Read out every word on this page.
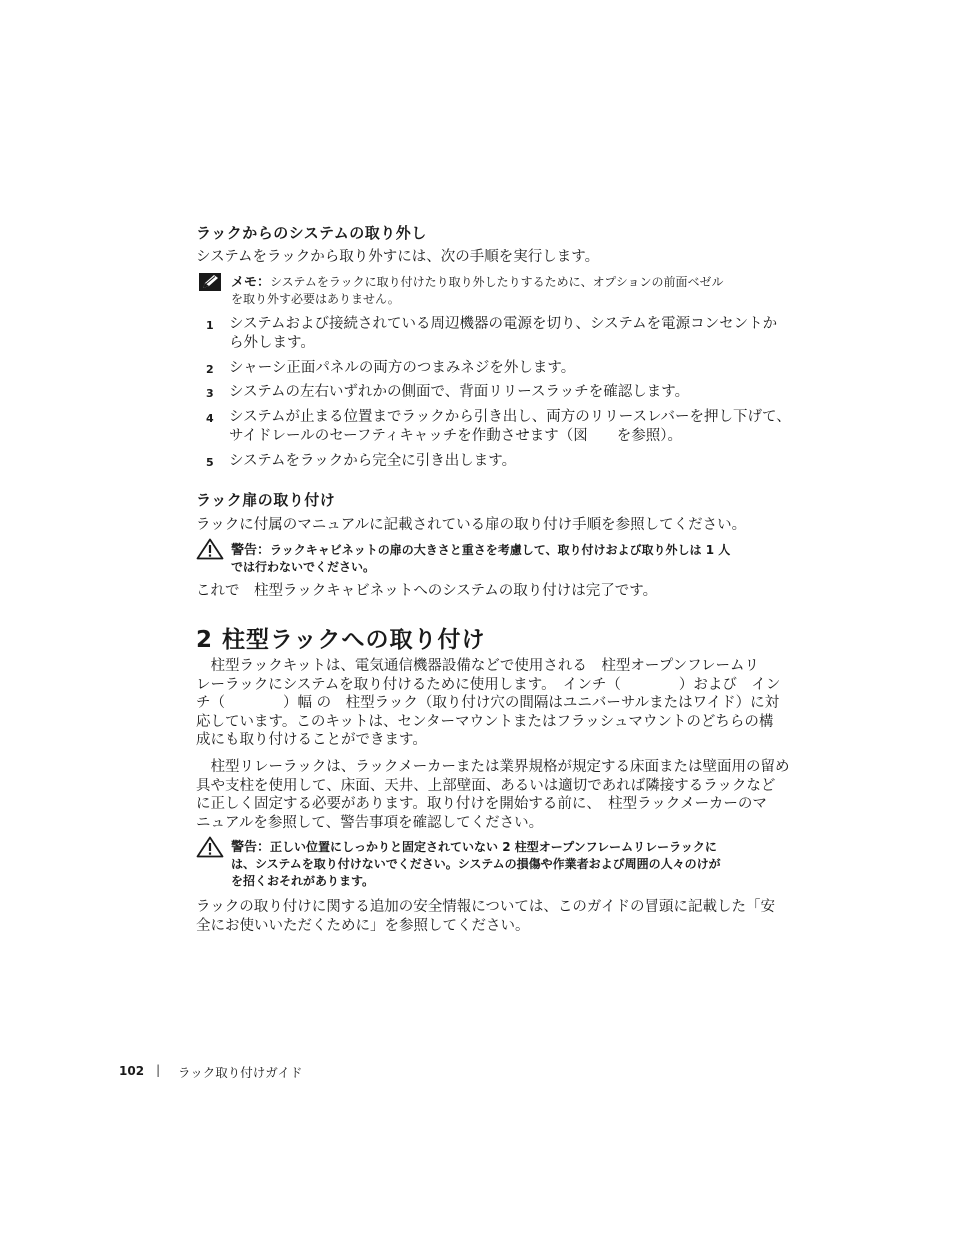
ラックからのシステムの取り外し
システムをラックから取り外すには、次の手順を実行します。
メモ：システムをラックに取り付けたり取り外したりするために、オプションの前面ベゼル
を取り外す必要はありません。
1	システムおよび接続されている周辺機器の電源を切り、システムを電源コンセントか
ら外します。
2	シャーシ正面パネルの両方のつまみネジを外します。
3	システムの左右いずれかの側面で、背面リリースラッチを確認します。
4	システムが止まる位置までラックから引き出し、両方のリリースレバーを押し下げて、
サイドレールのセーフティキャッチを作動させます（図　　を参照）。
5	システムをラックから完全に引き出します。
ラック扉の取り付け
ラックに付属のマニュアルに記載されている扉の取り付け手順を参照してください。
警告：ラックキャビネットの扉の大きさと重さを考慮して、取り付けおよび取り外しは 1 人
では行わないでください。
これで　柱型ラックキャビネットへのシステムの取り付けは完了です。
2 柱型ラックへの取り付け
　柱型ラックキットは、電気通信機器設備などで使用される　柱型オープンフレームリ
レーラックにシステムを取り付けるために使用します。　インチ（　　　　）および　イン
チ（　　　　）幅 の　柱型ラック（取り付け穴の間隔はユニバーサルまたはワイド）に対
応しています。このキットは、センターマウントまたはフラッシュマウントのどちらの構
成にも取り付けることができます。
　柱型リレーラックは、ラックメーカーまたは業界規格が規定する床面または壁面用の留め
具や支柱を使用して、床面、天井、上部壁面、あるいは適切であれば隣接するラックなど
に正しく固定する必要があります。取り付けを開始する前に、　柱型ラックメーカーのマ
ニュアルを参照して、警告事項を確認してください。
警告：正しい位置にしっかりと固定されていない 2 柱型オープンフレームリレーラックに
は、システムを取り付けないでください。システムの損傷や作業者および周囲の人々のけが
を招くおそれがあります。
ラックの取り付けに関する追加の安全情報については、このガイドの冒頭に記載した「安
全にお使いいただくために」を参照してください。
102 | ラック取り付けガイド
